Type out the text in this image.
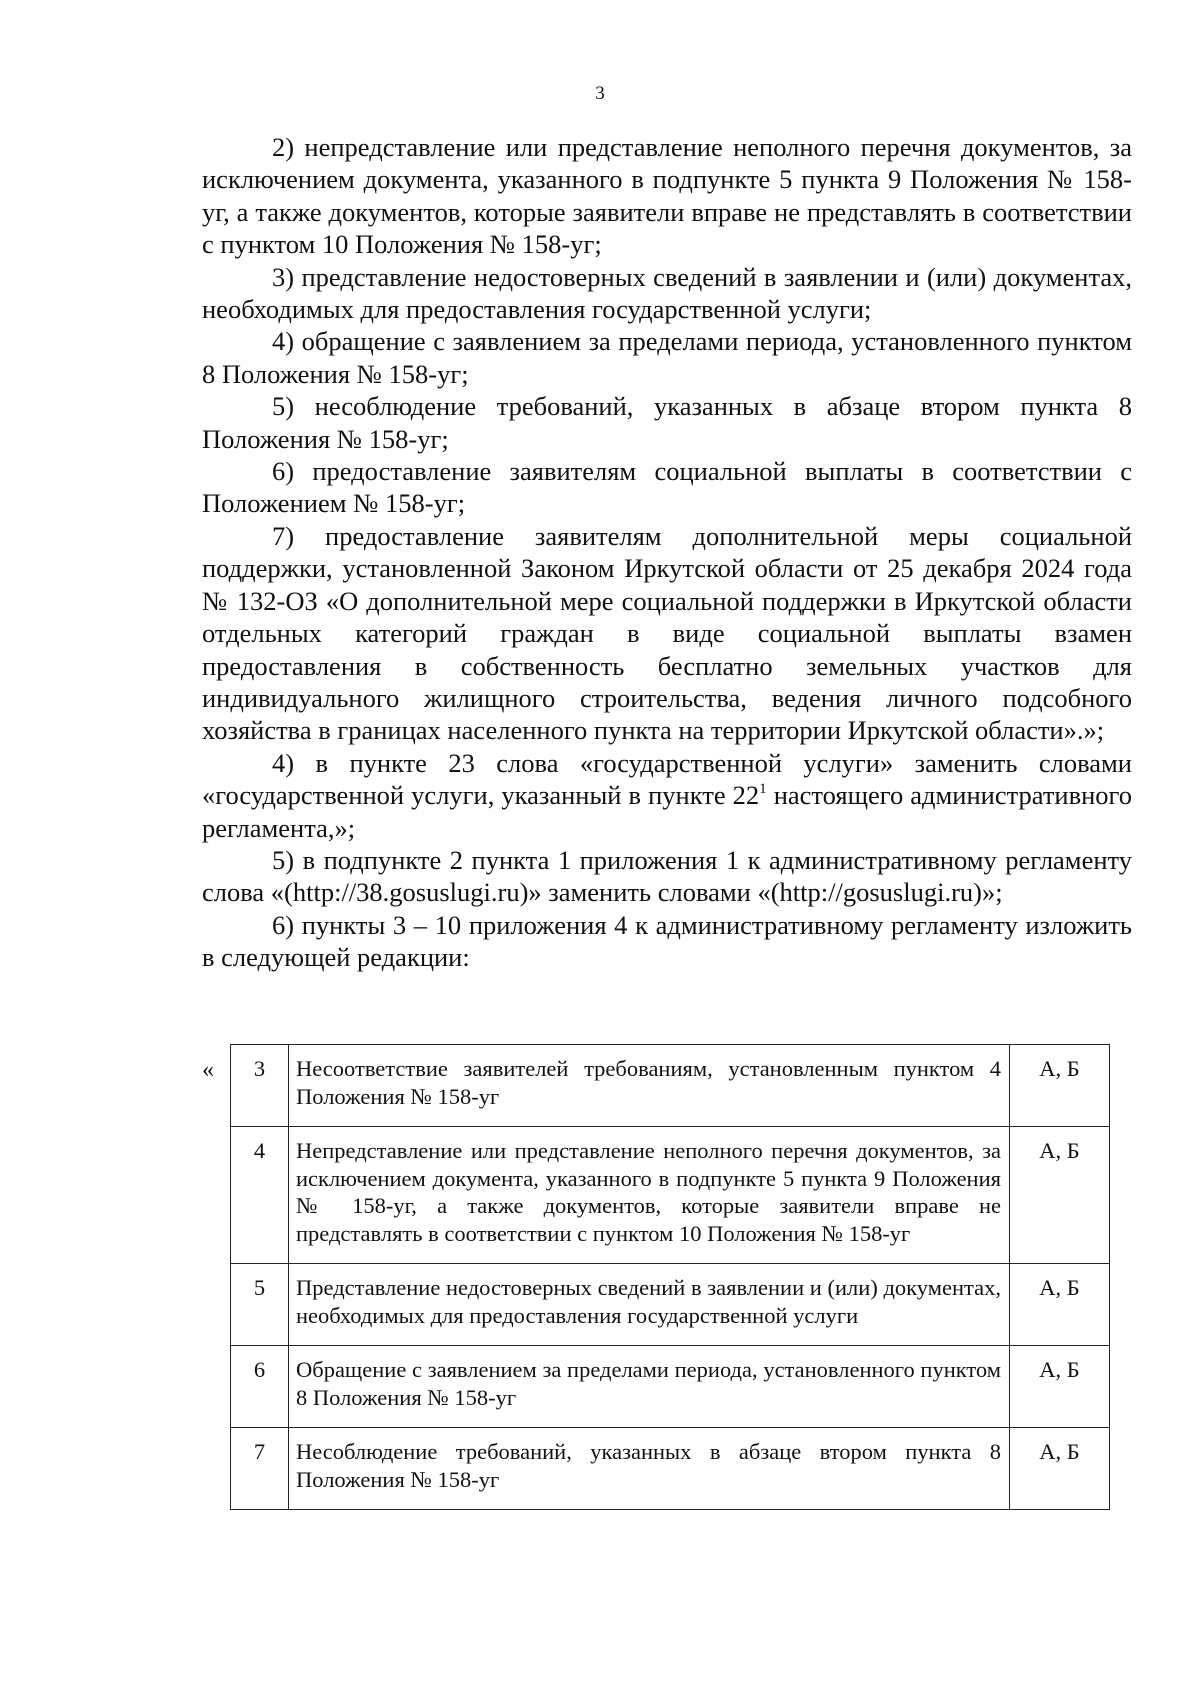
3

2) непредставление или представление неполного перечня документов, за исключением документа, указанного в подпункте 5 пункта 9 Положения № 158-уг, а также документов, которые заявители вправе не представлять в соответствии с пунктом 10 Положения № 158-уг;

3) представление недостоверных сведений в заявлении и (или) документах, необходимых для предоставления государственной услуги;

4) обращение с заявлением за пределами периода, установленного пунктом 8 Положения № 158-уг;

5) несоблюдение требований, указанных в абзаце втором пункта 8 Положения № 158-уг;

6) предоставление заявителям социальной выплаты в соответствии с Положением № 158-уг;

7) предоставление заявителям дополнительной меры социальной поддержки, установленной Законом Иркутской области от 25 декабря 2024 года № 132-ОЗ «О дополнительной мере социальной поддержки в Иркутской области отдельных категорий граждан в виде социальной выплаты взамен предоставления в собственность бесплатно земельных участков для индивидуального жилищного строительства, ведения личного подсобного хозяйства в границах населенного пункта на территории Иркутской области».»;

4) в пункте 23 слова «государственной услуги» заменить словами «государственной услуги, указанный в пункте $22^1$ настоящего административного регламента,»;

5) в подпункте 2 пункта 1 приложения 1 к административному регламенту слова «(http://38.gosuslugi.ru)» заменить словами «(http://gosuslugi.ru)»;

6) пункты 3 – 10 приложения 4 к административному регламенту изложить в следующей редакции:

« 3	Несоответствие заявителей требованиям, установленным пунктом 4 Положения № 158-уг	А, Б
4	Непредставление или представление неполного перечня документов, за исключением документа, указанного в подпункте 5 пункта 9 Положения № 158-уг, а также документов, которые заявители вправе не представлять в соответствии с пунктом 10 Положения № 158-уг	А, Б
5	Представление недостоверных сведений в заявлении и (или) документах, необходимых для предоставления государственной услуги	А, Б
6	Обращение с заявлением за пределами периода, установленного пунктом 8 Положения № 158-уг	А, Б
7	Несоблюдение требований, указанных в абзаце втором пункта 8 Положения № 158-уг	А, Б
